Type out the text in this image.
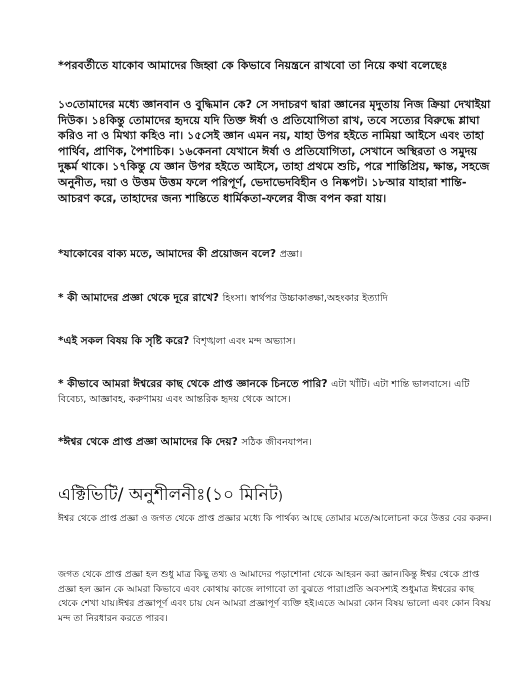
*পরবর্তীতে যাকোব আমাদের জিহ্বা কে কিভাবে নিয়ন্ত্রনে রাখবো তা নিয়ে কথা বলেছেঃ
১৩তোমাদের মধ্যে জ্ঞানবান ও বুদ্ধিমান কে? সে সদাচরণ দ্বারা জ্ঞানের মৃদুতায় নিজ ক্রিয়া দেখাইয়া দিউক। ১৪কিন্তু তোমাদের হৃদয়ে যদি তিক্ত ঈর্ষা ও প্রতিযোগিতা রাখ, তবে সত্যের বিরুদ্ধে শ্লাঘা করিও না ও মিথ্যা কহিও না। ১৫সেই জ্ঞান এমন নয়, যাহা উপর হইতে নামিয়া আইসে এবং তাহা পার্থিব, প্রাণিক, পৈশাচিক। ১৬কেননা যেখানে ঈর্ষা ও প্রতিযোগিতা, সেখানে অস্থিরতা ও সমুদয় দুষ্কর্ম থাকে। ১৭কিন্তু যে জ্ঞান উপর হইতে আইসে, তাহা প্রথমে শুচি, পরে শান্তিপ্রিয়, ক্ষান্ত, সহজে অনুনীত, দয়া ও উত্তম উত্তম ফলে পরিপূর্ণ, ভেদাভেদবিহীন ও নিষ্কপট। ১৮আর যাহারা শান্তি-আচরণ করে, তাহাদের জন্য শান্তিতে ধার্মিকতা-ফলের বীজ বপন করা যায়।
*যাকোবের বাক্য মতে, আমাদের কী প্রয়োজন বলে? প্রজ্ঞা।
* কী আমাদের প্রজ্ঞা থেকে দূরে রাখে? হিংসা। স্বার্থপর উচ্চাকাঙ্ক্ষা,অহংকার ইত্যাদি
*এই সকল বিষয় কি সৃষ্টি করে? বিশৃঙ্খলা এবং মন্দ অভ্যাস।
* কীভাবে আমরা ঈশ্বরের কাছ থেকে প্রাপ্ত জ্ঞানকে চিনতে পারি? এটা খাঁটি। এটা শান্তি ভালবাসে। এটি বিবেচ্য, আজ্ঞাবহ, করুণাময় এবং আন্তরিক হৃদয় থেকে আসে।
*ঈশ্বর থেকে প্রাপ্ত প্রজ্ঞা আমাদের কি দেয়? সঠিক জীবনযাপন।
এক্টিভিটি/ অনুশীলনীঃ(১০ মিনিট)
ঈশ্বর থেকে প্রাপ্ত প্রজ্ঞা ও জগত থেকে প্রাপ্ত প্রজ্ঞার মধ্যে কি পার্থক্য আছে তোমার মতে/আলোচনা করে উত্তর বের করুন।
জগত থেকে প্রাপ্ত প্রজ্ঞা হল শুধু মাত্র কিছু তথ্য ও আমাদের পড়াশোনা থেকে আহরন করা জ্ঞান।কিন্তু ঈশ্বর থেকে প্রাপ্ত প্রজ্ঞা হল জ্ঞান কে আমরা কিভাবে এবং কোথায় কাজে লাগাবো তা বুঝতে পারা।প্রতি অবসশ্যই শুধুমাত্র ঈশ্বরের কাছ থেকে শেখা যায়।ঈশ্বর প্রজ্ঞাপূর্ণ এবং চায় যেন আমরা প্রজ্ঞাপূর্ণ ব্যক্তি হই।এতে আমরা কোন বিষয় ভালো এবং কোন বিষয় মন্দ তা নিরধারন করতে পারব।
